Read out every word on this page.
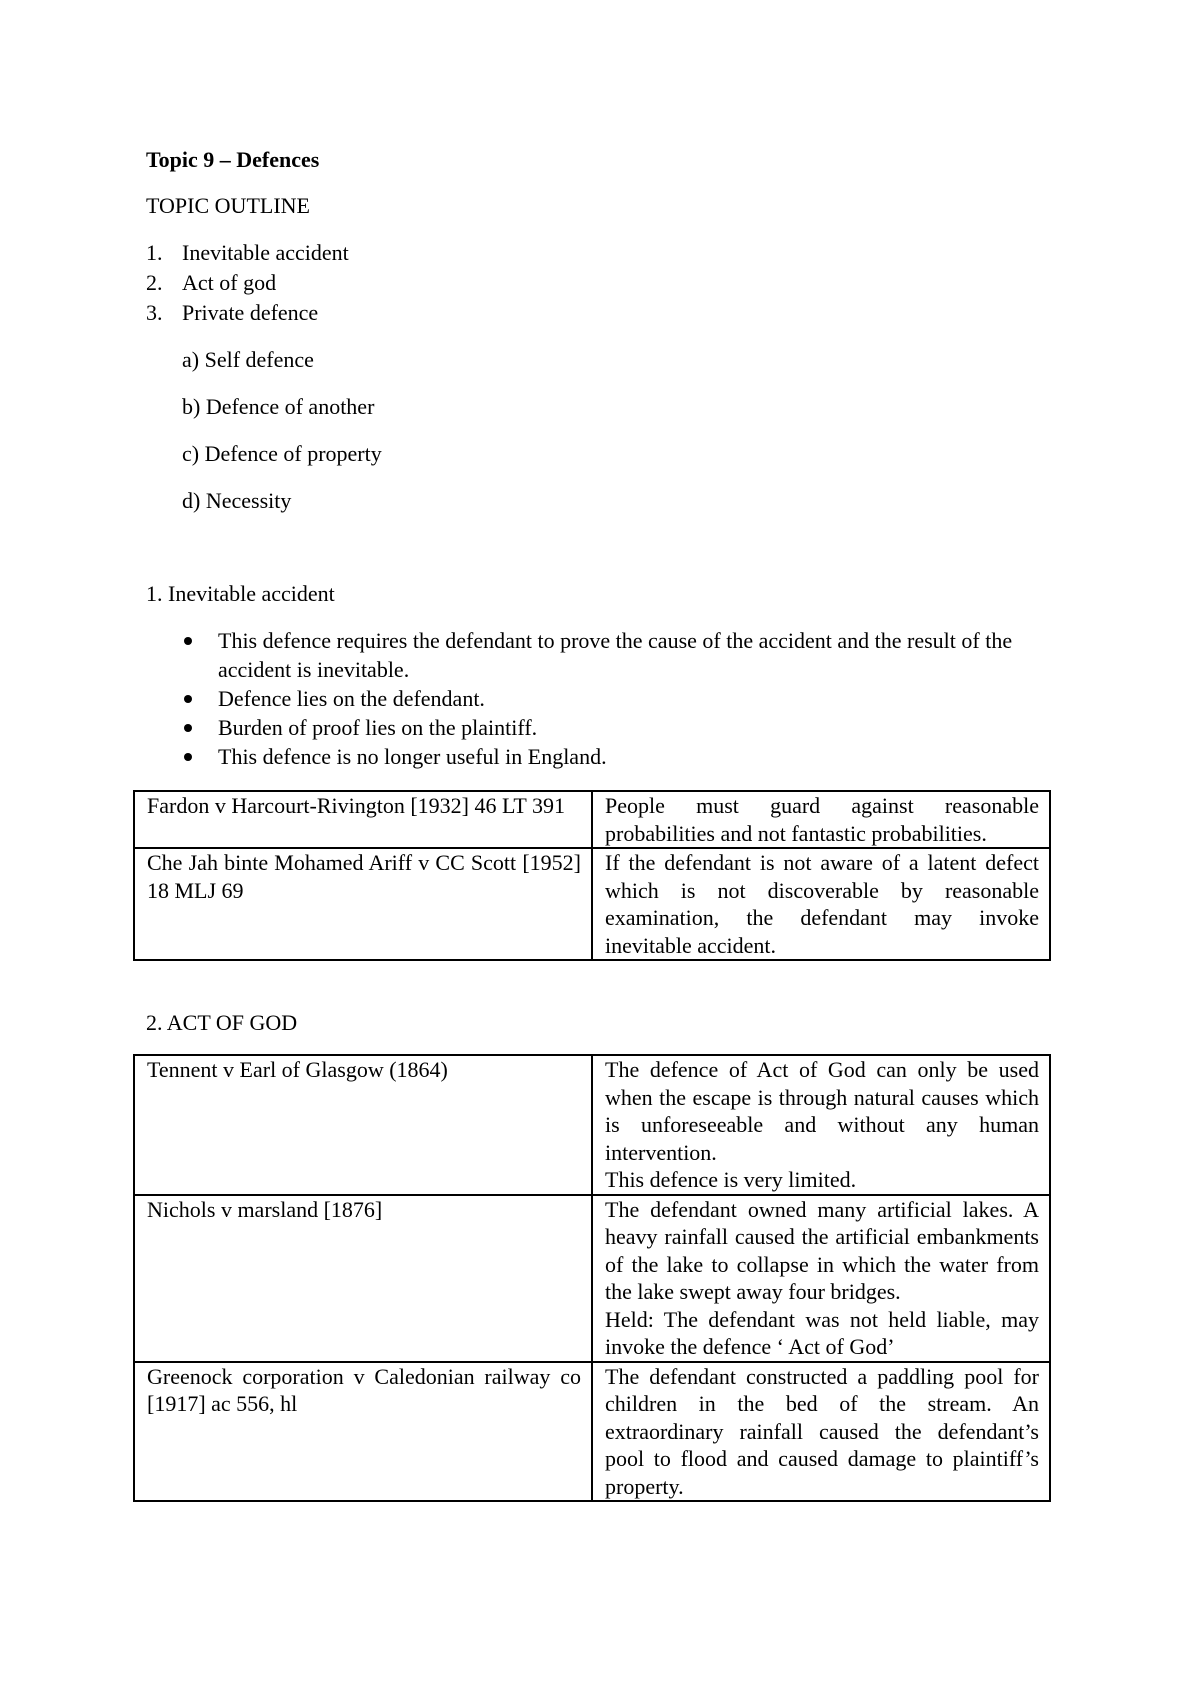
Topic 9 – Defences
TOPIC OUTLINE
1. Inevitable accident
2. Act of god
3. Private defence
a) Self defence
b) Defence of another
c) Defence of property
d) Necessity
1. Inevitable accident
This defence requires the defendant to prove the cause of the accident and the result of the accident is inevitable.
Defence lies on the defendant.
Burden of proof lies on the plaintiff.
This defence is no longer useful in England.
Fardon v Harcourt-Rivington [1932] 46 LT 391	People must guard against reasonable probabilities and not fantastic probabilities.

Che Jah binte Mohamed Ariff v CC Scott [1952] 18 MLJ 69	If the defendant is not aware of a latent defect which is not discoverable by reasonable examination, the defendant may invoke inevitable accident.
2. ACT OF GOD
Tennent v Earl of Glasgow (1864)	The defence of Act of God can only be used when the escape is through natural causes which is unforeseeable and without any human intervention.
This defence is very limited.

Nichols v marsland [1876]	The defendant owned many artificial lakes. A heavy rainfall caused the artificial embankments of the lake to collapse in which the water from the lake swept away four bridges.
Held: The defendant was not held liable, may invoke the defence ‘ Act of God’

Greenock corporation v Caledonian railway co [1917] ac 556, hl	The defendant constructed a paddling pool for children in the bed of the stream. An extraordinary rainfall caused the defendant’s pool to flood and caused damage to plaintiff’s property.
